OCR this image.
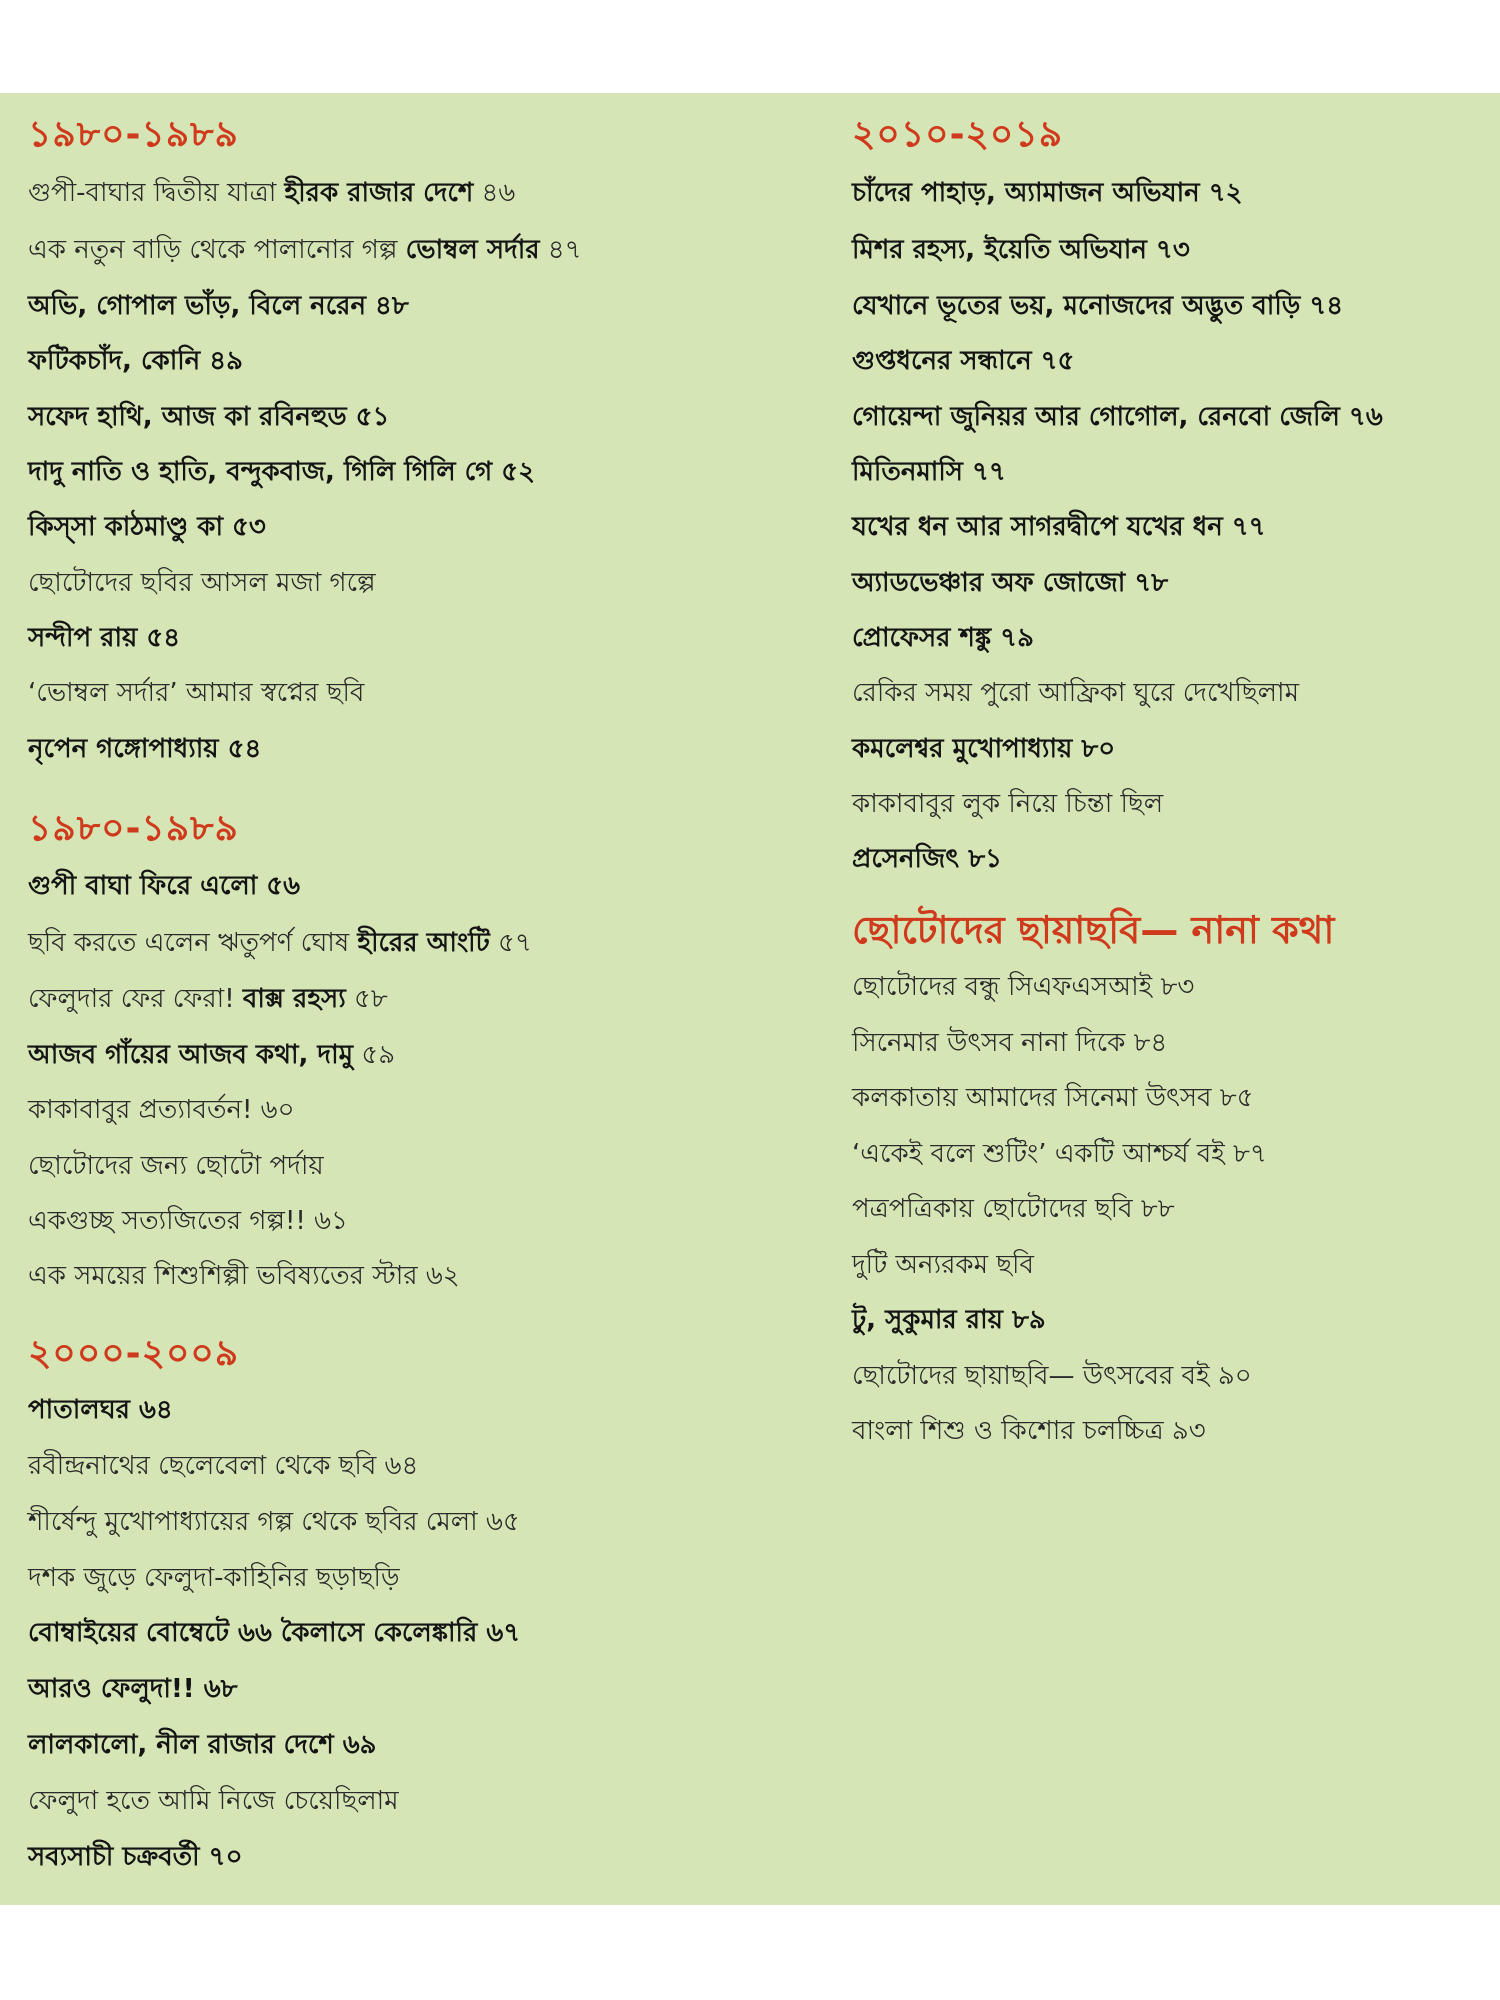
১৯৮০-১৯৮৯
গুপী-বাঘার দ্বিতীয় যাত্রা হীরক রাজার দেশে ৪৬
এক নতুন বাড়ি থেকে পালানোর গল্প ভোম্বল সর্দার ৪৭
অভি, গোপাল ভাঁড়, বিলে নরেন ৪৮
ফটিকচাঁদ, কোনি ৪৯
সফেদ হাথি, আজ কা রবিনহুড ৫১
দাদু নাতি ও হাতি, বন্দুকবাজ, গিলি গিলি গে ৫২
কিস্সা কাঠমাণ্ডু কা ৫৩
ছোটোদের ছবির আসল মজা গল্পে
সন্দীপ রায় ৫৪
‘ভোম্বল সর্দার’ আমার স্বপ্নের ছবি
নৃপেন গঙ্গোপাধ্যায় ৫৪
১৯৮০-১৯৮৯
গুপী বাঘা ফিরে এলো ৫৬
ছবি করতে এলেন ঋতুপর্ণ ঘোষ হীরের আংটি ৫৭
ফেলুদার ফের ফেরা! বাক্স রহস্য ৫৮
আজব গাঁয়ের আজব কথা, দামু ৫৯
কাকাবাবুর প্রত্যাবর্তন! ৬০
ছোটোদের জন্য ছোটো পর্দায়
একগুচ্ছ সত্যজিতের গল্প!! ৬১
এক সময়ের শিশুশিল্পী ভবিষ্যতের স্টার ৬২
২০০০-২০০৯
পাতালঘর ৬৪
রবীন্দ্রনাথের ছেলেবেলা থেকে ছবি ৬৪
শীর্ষেন্দু মুখোপাধ্যায়ের গল্প থেকে ছবির মেলা ৬৫
দশক জুড়ে ফেলুদা-কাহিনির ছড়াছড়ি
বোম্বাইয়ের বোম্বেটে ৬৬ কৈলাসে কেলেঙ্কারি ৬৭
আরও ফেলুদা!! ৬৮
লালকালো, নীল রাজার দেশে ৬৯
ফেলুদা হতে আমি নিজে চেয়েছিলাম
সব্যসাচী চক্রবর্তী ৭০
২০১০-২০১৯
চাঁদের পাহাড়, অ্যামাজন অভিযান ৭২
মিশর রহস্য, ইয়েতি অভিযান ৭৩
যেখানে ভূতের ভয়, মনোজদের অদ্ভুত বাড়ি ৭৪
গুপ্তধনের সন্ধানে ৭৫
গোয়েন্দা জুনিয়র আর গোগোল, রেনবো জেলি ৭৬
মিতিনমাসি ৭৭
যখের ধন আর সাগরদ্বীপে যখের ধন ৭৭
অ্যাডভেঞ্চার অফ জোজো ৭৮
প্রোফেসর শঙ্কু ৭৯
রেকির সময় পুরো আফ্রিকা ঘুরে দেখেছিলাম
কমলেশ্বর মুখোপাধ্যায় ৮০
কাকাবাবুর লুক নিয়ে চিন্তা ছিল
প্রসেনজিৎ ৮১
ছোটোদের ছায়াছবি— নানা কথা
ছোটোদের বন্ধু সিএফএসআই ৮৩
সিনেমার উৎসব নানা দিকে ৮৪
কলকাতায় আমাদের সিনেমা উৎসব ৮৫
‘একেই বলে শুটিং’ একটি আশ্চর্য বই ৮৭
পত্রপত্রিকায় ছোটোদের ছবি ৮৮
দুটি অন্যরকম ছবি
টু, সুকুমার রায় ৮৯
ছোটোদের ছায়াছবি— উৎসবের বই ৯০
বাংলা শিশু ও কিশোর চলচ্চিত্র ৯৩
